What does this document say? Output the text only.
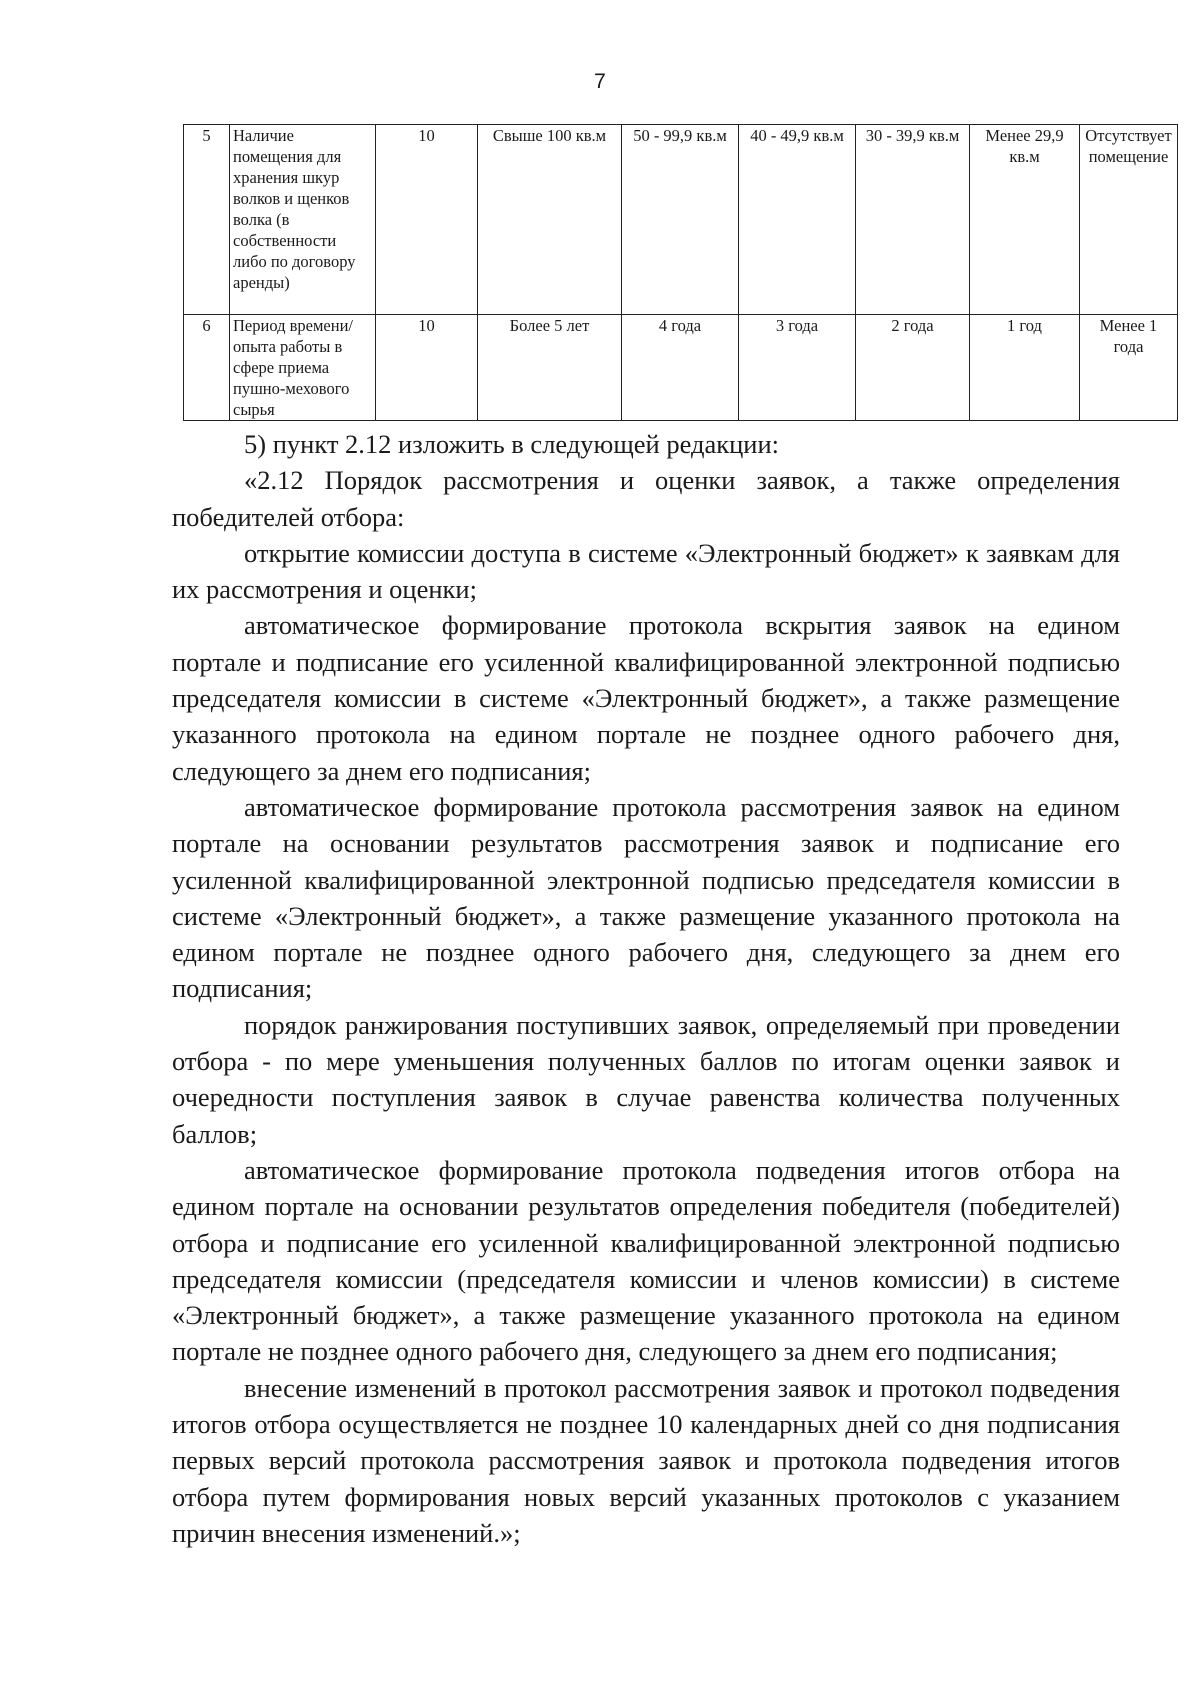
7
5	Наличие помещения для хранения шкур волков и щенков волка (в собственности либо по договору аренды)	10	Свыше 100 кв.м	50 - 99,9 кв.м	40 - 49,9 кв.м	30 - 39,9 кв.м	Менее 29,9 кв.м	Отсутствует помещение
6	Период времени/опыта работы в сфере приема пушно-мехового сырья	10	Более 5 лет	4 года	3 года	2 года	1 год	Менее 1 года

5) пункт 2.12 изложить в следующей редакции:

«2.12 Порядок рассмотрения и оценки заявок, а также определения победителей отбора:

открытие комиссии доступа в системе «Электронный бюджет» к заявкам для их рассмотрения и оценки;

автоматическое формирование протокола вскрытия заявок на едином портале и подписание его усиленной квалифицированной электронной подписью председателя комиссии в системе «Электронный бюджет», а также размещение указанного протокола на едином портале не позднее одного рабочего дня, следующего за днем его подписания;

автоматическое формирование протокола рассмотрения заявок на едином портале на основании результатов рассмотрения заявок и подписание его усиленной квалифицированной электронной подписью председателя комиссии в системе «Электронный бюджет», а также размещение указанного протокола на едином портале не позднее одного рабочего дня, следующего за днем его подписания;

порядок ранжирования поступивших заявок, определяемый при проведении отбора - по мере уменьшения полученных баллов по итогам оценки заявок и очередности поступления заявок в случае равенства количества полученных баллов;

автоматическое формирование протокола подведения итогов отбора на едином портале на основании результатов определения победителя (победителей) отбора и подписание его усиленной квалифицированной электронной подписью председателя комиссии (председателя комиссии и членов комиссии) в системе «Электронный бюджет», а также размещение указанного протокола на едином портале не позднее одного рабочего дня, следующего за днем его подписания;

внесение изменений в протокол рассмотрения заявок и протокол подведения итогов отбора осуществляется не позднее 10 календарных дней со дня подписания первых версий протокола рассмотрения заявок и протокола подведения итогов отбора путем формирования новых версий указанных протоколов с указанием причин внесения изменений.»;
